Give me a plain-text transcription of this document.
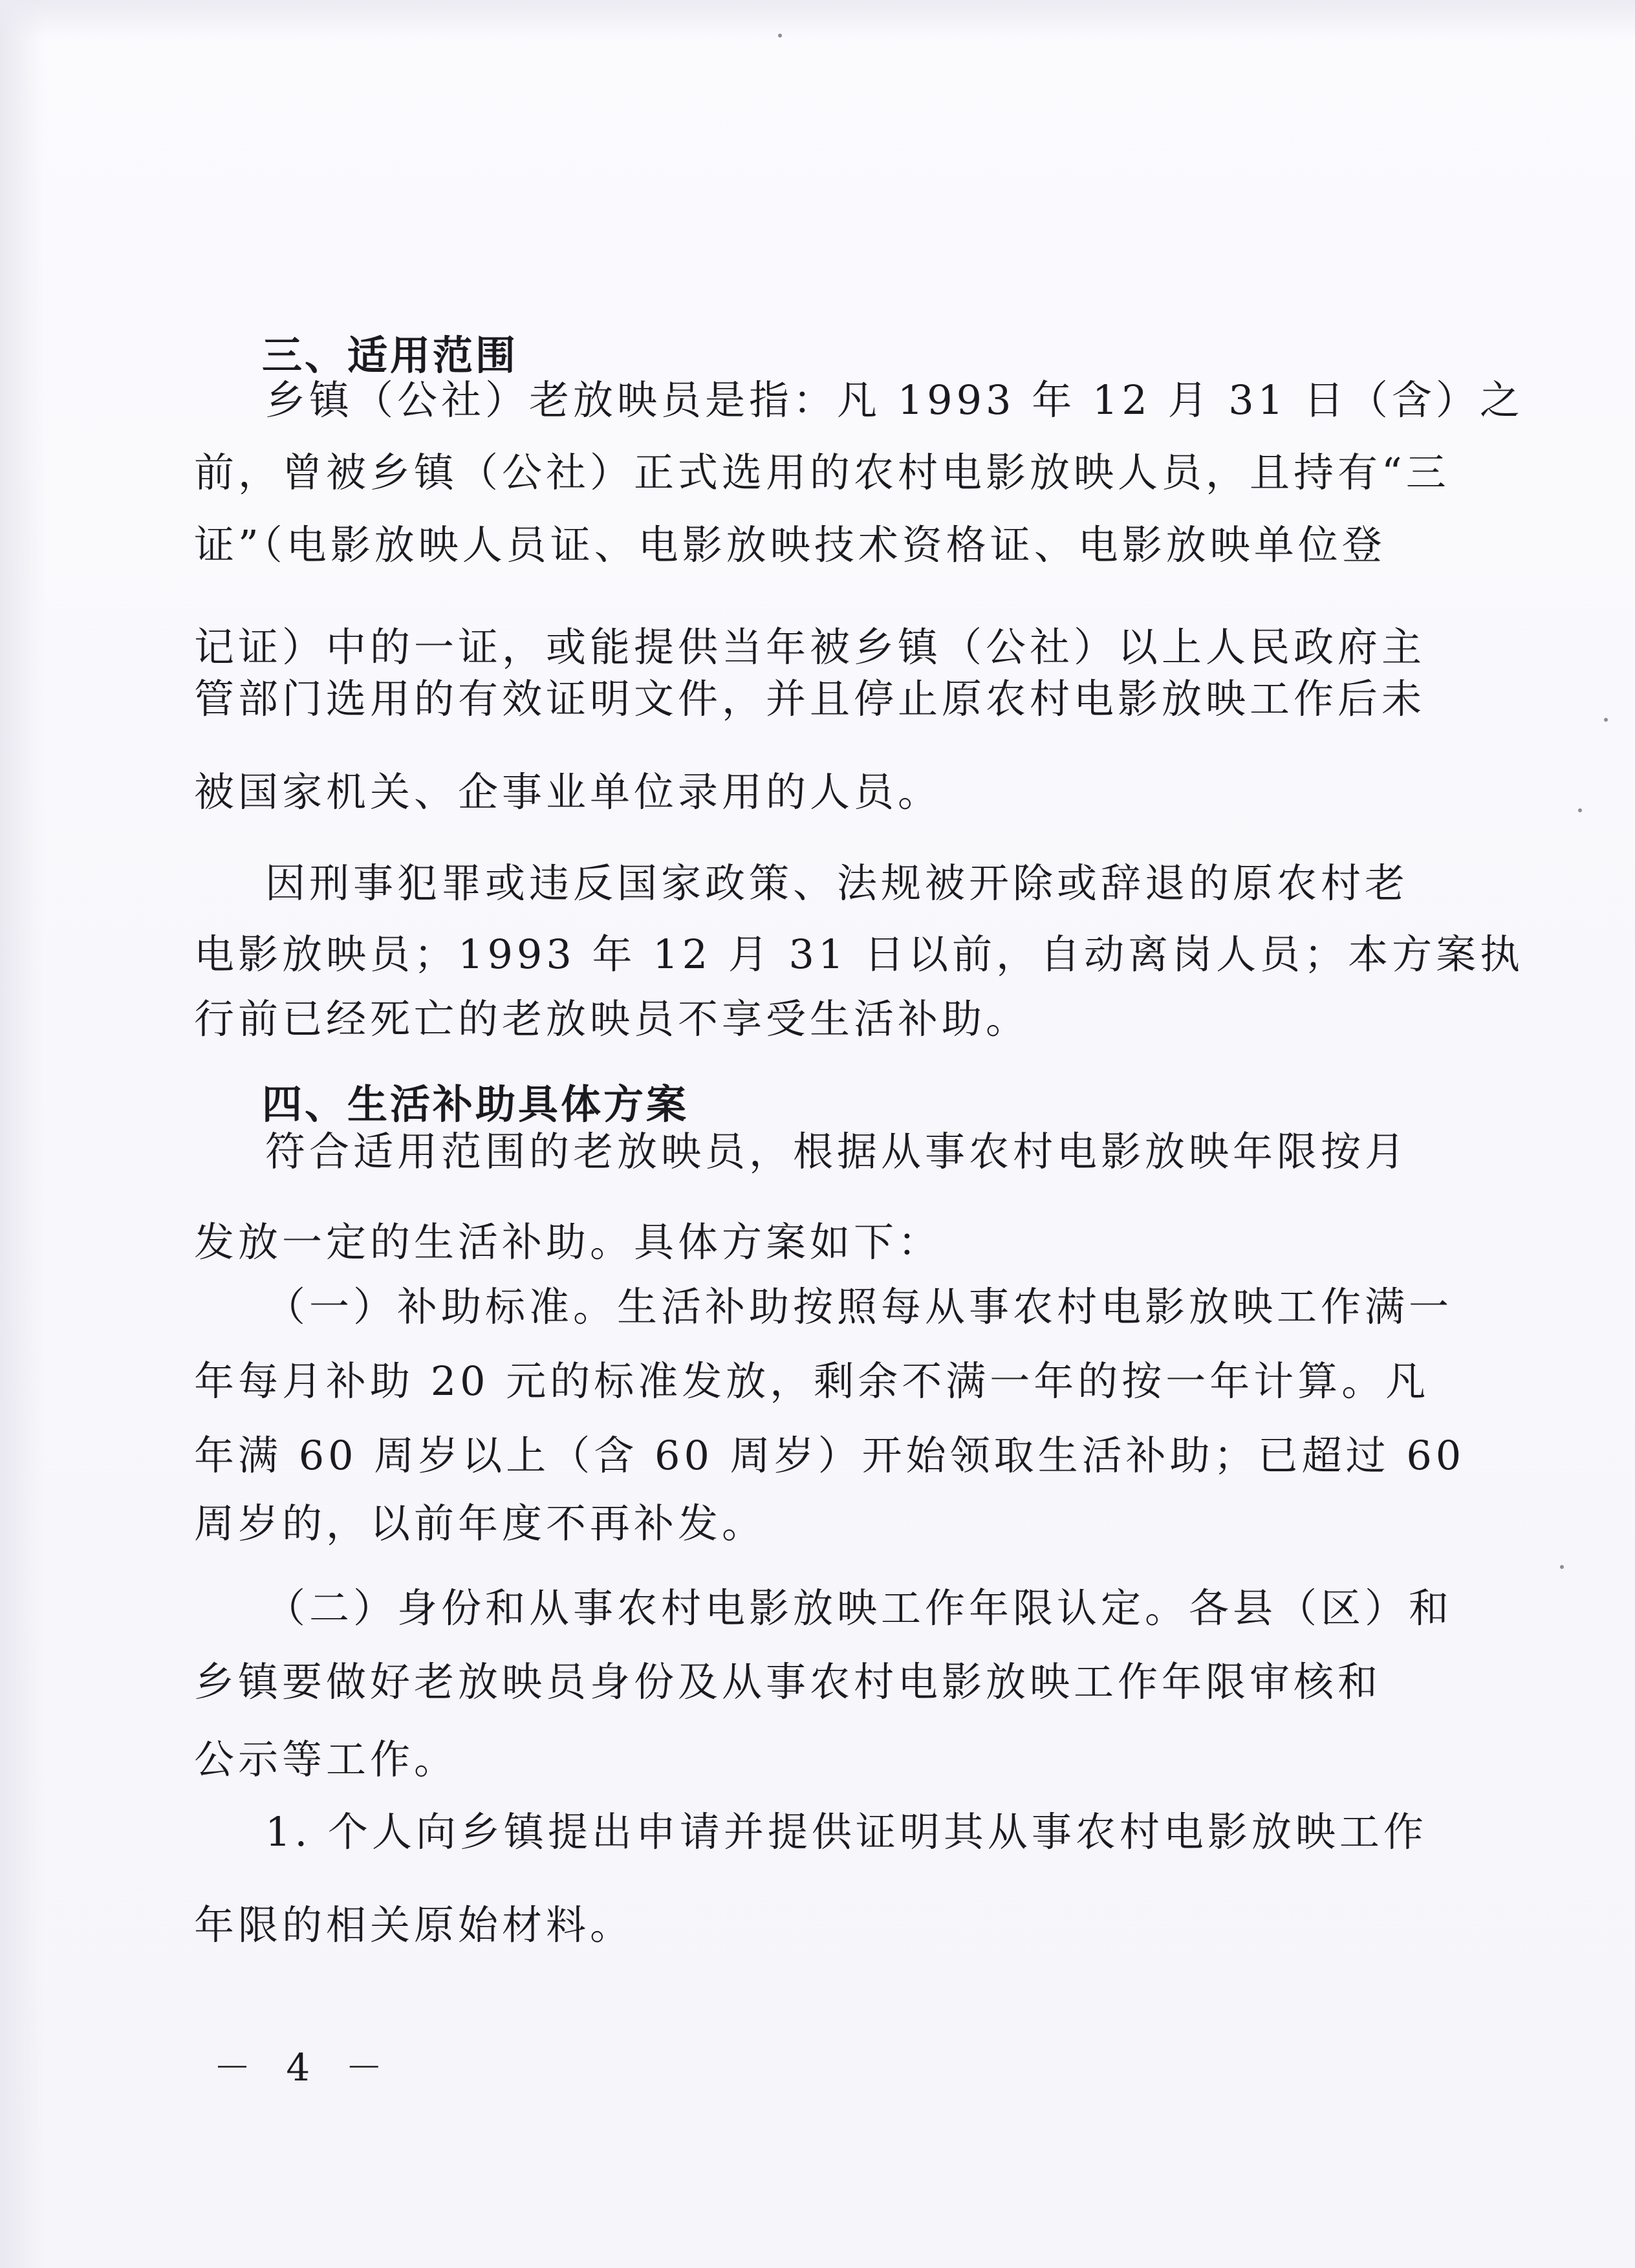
三、适用范围
乡镇（公社）老放映员是指：凡 1993 年 12 月 31 日（含）之
前，曾被乡镇（公社）正式选用的农村电影放映人员，且持有“三
证”（电影放映人员证、电影放映技术资格证、电影放映单位登
记证）中的一证，或能提供当年被乡镇（公社）以上人民政府主
管部门选用的有效证明文件，并且停止原农村电影放映工作后未
被国家机关、企事业单位录用的人员。
因刑事犯罪或违反国家政策、法规被开除或辞退的原农村老
电影放映员；1993 年 12 月 31 日以前，自动离岗人员；本方案执
行前已经死亡的老放映员不享受生活补助。
四、生活补助具体方案
符合适用范围的老放映员，根据从事农村电影放映年限按月
发放一定的生活补助。具体方案如下：
（一）补助标准。生活补助按照每从事农村电影放映工作满一
年每月补助 20 元的标准发放，剩余不满一年的按一年计算。凡
年满 60 周岁以上（含 60 周岁）开始领取生活补助；已超过 60
周岁的，以前年度不再补发。
（二）身份和从事农村电影放映工作年限认定。各县（区）和
乡镇要做好老放映员身份及从事农村电影放映工作年限审核和
公示等工作。
1. 个人向乡镇提出申请并提供证明其从事农村电影放映工作
年限的相关原始材料。
－ 4 －
